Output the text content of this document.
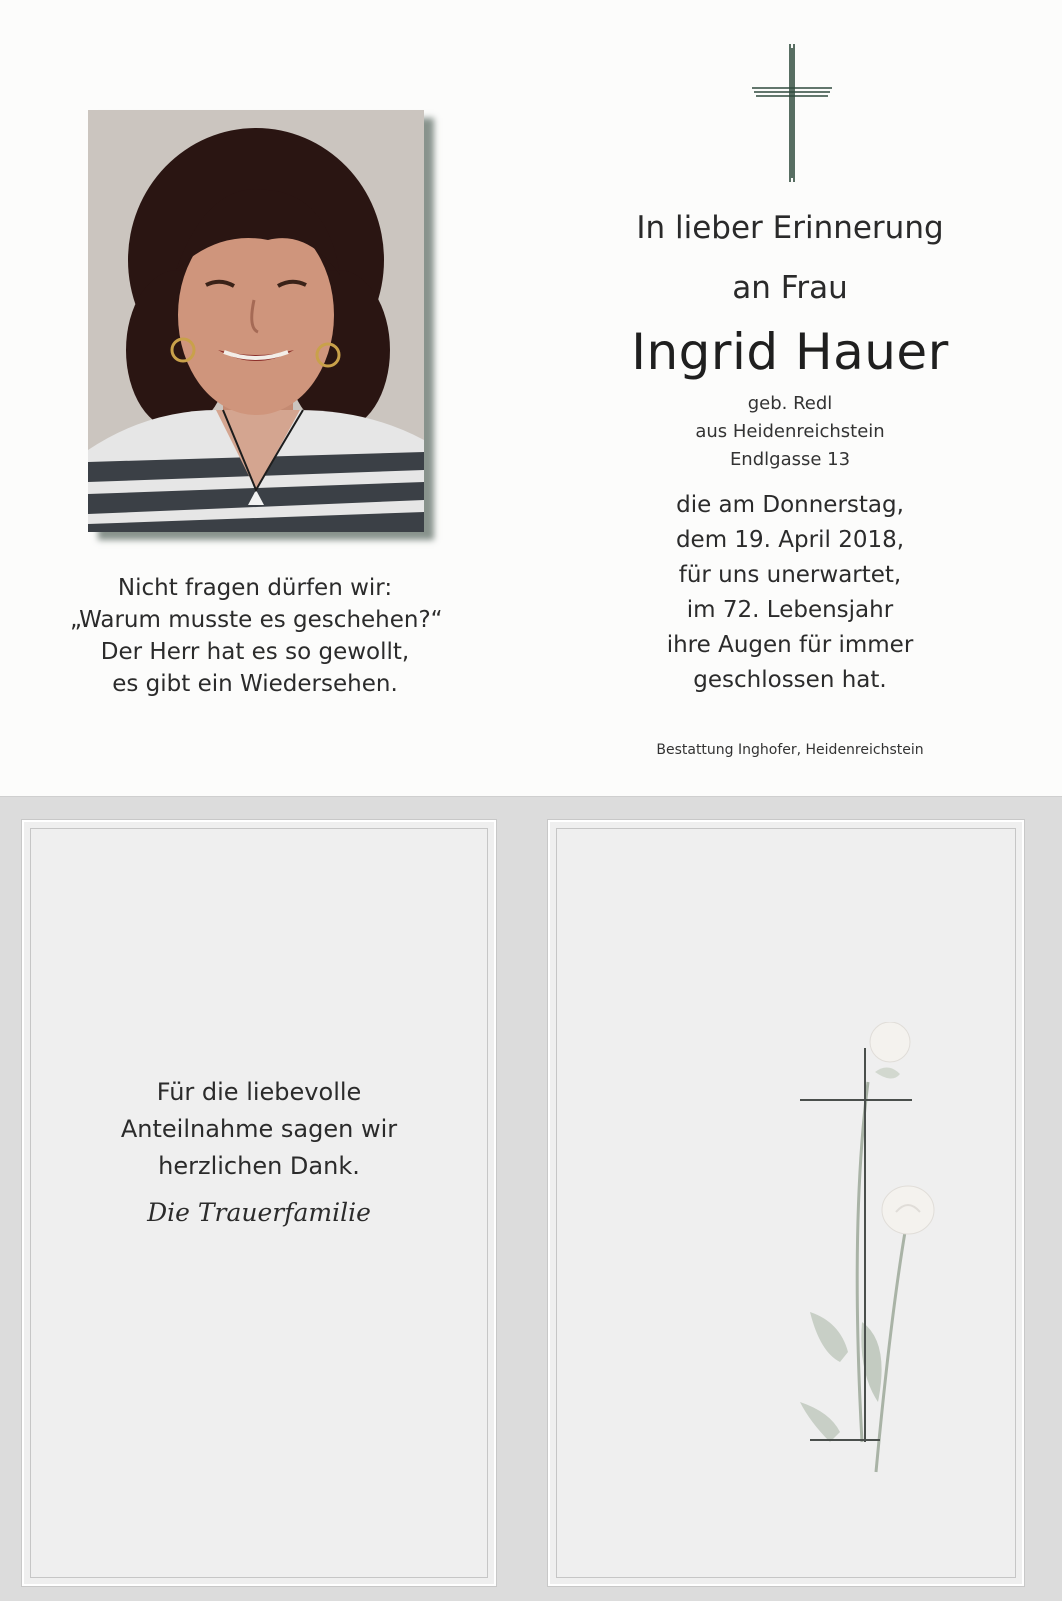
Nicht fragen dürfen wir:
„Warum musste es geschehen?“
Der Herr hat es so gewollt,
es gibt ein Wiedersehen.
In lieber Erinnerung
an Frau
Ingrid Hauer
geb. Redl
aus Heidenreichstein
Endlgasse 13
die am Donnerstag,
dem 19. April 2018,
für uns unerwartet,
im 72. Lebensjahr
ihre Augen für immer
geschlossen hat.
Bestattung Inghofer, Heidenreichstein
Für die liebevolle
Anteilnahme sagen wir
herzlichen Dank.
Die Trauerfamilie
